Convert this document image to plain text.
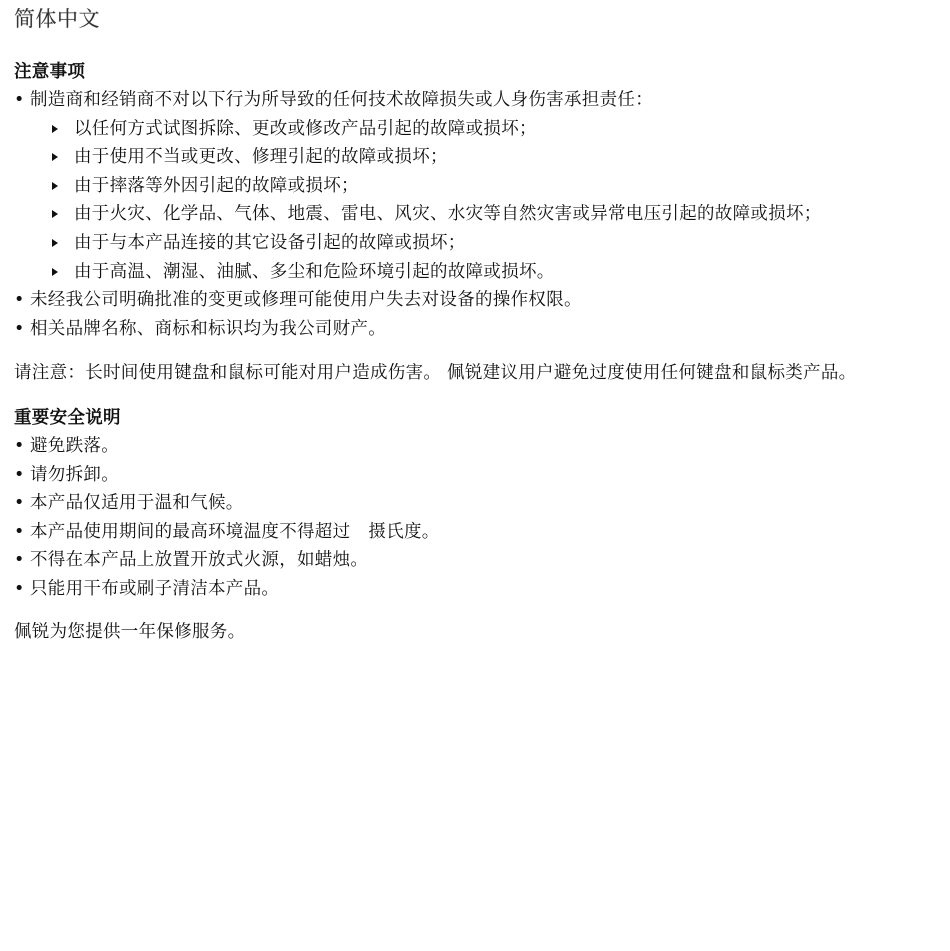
简体中文
注意事项
• 制造商和经销商不对以下行为所导致的任何技术故障损失或人身伤害承担责任：
以任何方式试图拆除、更改或修改产品引起的故障或损坏；
由于使用不当或更改、修理引起的故障或损坏；
由于摔落等外因引起的故障或损坏；
由于火灾、化学品、气体、地震、雷电、风灾、水灾等自然灾害或异常电压引起的故障或损坏；
由于与本产品连接的其它设备引起的故障或损坏；
由于高温、潮湿、油腻、多尘和危险环境引起的故障或损坏。
• 未经我公司明确批准的变更或修理可能使用户失去对设备的操作权限。
• 相关品牌名称、商标和标识均为我公司财产。

请注意：长时间使用键盘和鼠标可能对用户造成伤害。 佩锐建议用户避免过度使用任何键盘和鼠标类产品。

重要安全说明
• 避免跌落。
• 请勿拆卸。
• 本产品仅适用于温和气候。
• 本产品使用期间的最高环境温度不得超过 摄氏度。
• 不得在本产品上放置开放式火源，如蜡烛。
• 只能用干布或刷子清洁本产品。

佩锐为您提供一年保修服务。
